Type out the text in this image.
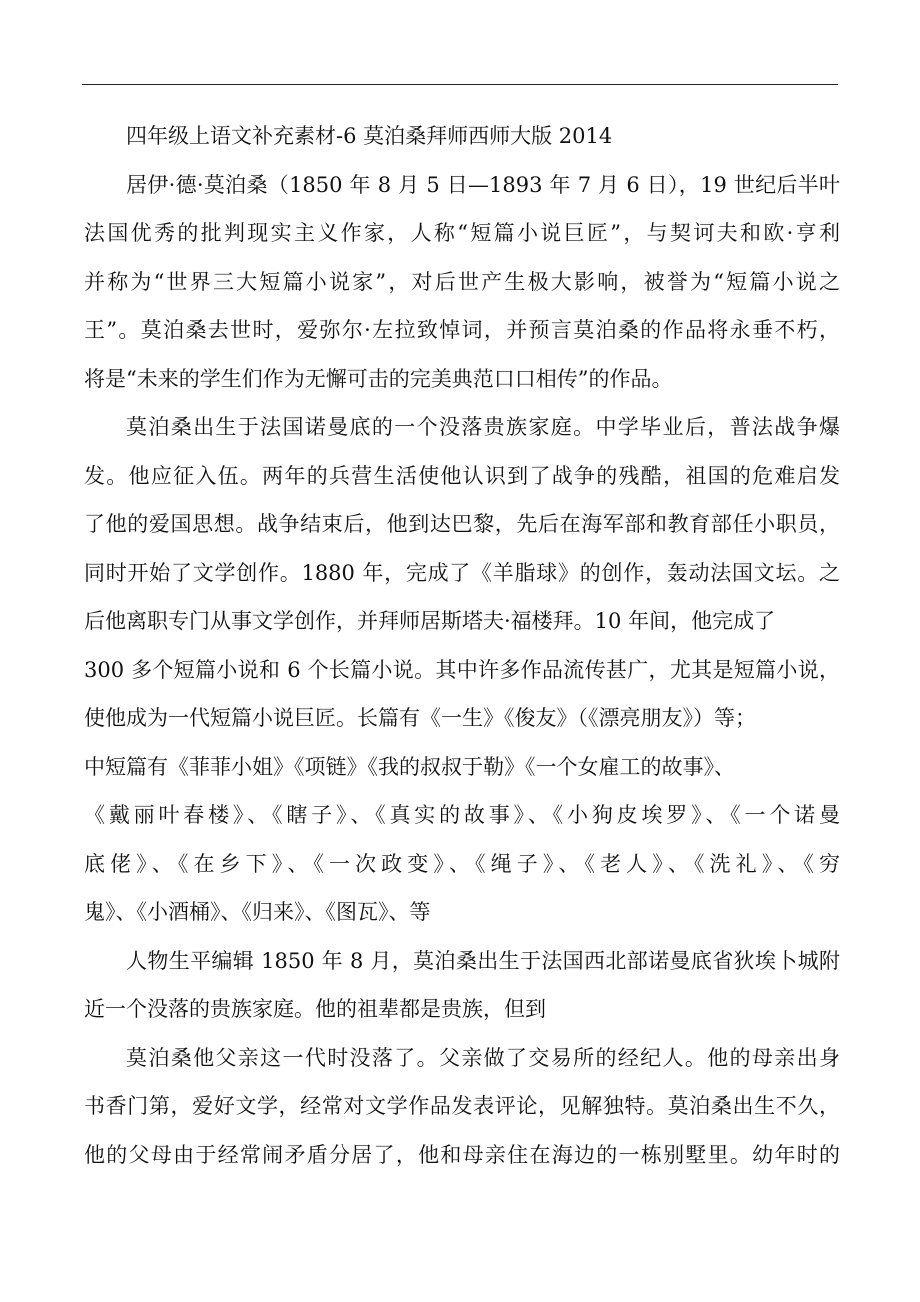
四年级上语文补充素材-6 莫泊桑拜师西师大版 2014
居伊·德·莫泊桑（1850 年 8 月 5 日—1893 年 7 月 6 日），19 世纪后半叶
法国优秀的批判现实主义作家，人称“短篇小说巨匠”，与契诃夫和欧·亨利
并称为“世界三大短篇小说家”，对后世产生极大影响，被誉为“短篇小说之
王”。莫泊桑去世时，爱弥尔·左拉致悼词，并预言莫泊桑的作品将永垂不朽，
将是“未来的学生们作为无懈可击的完美典范口口相传”的作品。
莫泊桑出生于法国诺曼底的一个没落贵族家庭。中学毕业后，普法战争爆
发。他应征入伍。两年的兵营生活使他认识到了战争的残酷，祖国的危难启发
了他的爱国思想。战争结束后，他到达巴黎，先后在海军部和教育部任小职员，
同时开始了文学创作。1880 年，完成了《羊脂球》的创作，轰动法国文坛。之
后他离职专门从事文学创作，并拜师居斯塔夫·福楼拜。10 年间，他完成了
300 多个短篇小说和 6 个长篇小说。其中许多作品流传甚广，尤其是短篇小说，
使他成为一代短篇小说巨匠。长篇有《一生》《俊友》（《漂亮朋友》）等；
中短篇有《菲菲小姐》《项链》《我的叔叔于勒》《一个女雇工的故事》、
《戴丽叶春楼》、《瞎子》、《真实的故事》、《小狗皮埃罗》、《一个诺曼
底佬》、《在乡下》、《一次政变》、《绳子》、《老人》、《洗礼》、《穷
鬼》、《小酒桶》、《归来》、《图瓦》、等
人物生平编辑 1850 年 8 月，莫泊桑出生于法国西北部诺曼底省狄埃卜城附
近一个没落的贵族家庭。他的祖辈都是贵族，但到
莫泊桑他父亲这一代时没落了。父亲做了交易所的经纪人。他的母亲出身
书香门第，爱好文学，经常对文学作品发表评论，见解独特。莫泊桑出生不久，
他的父母由于经常闹矛盾分居了，他和母亲住在海边的一栋别墅里。幼年时的
